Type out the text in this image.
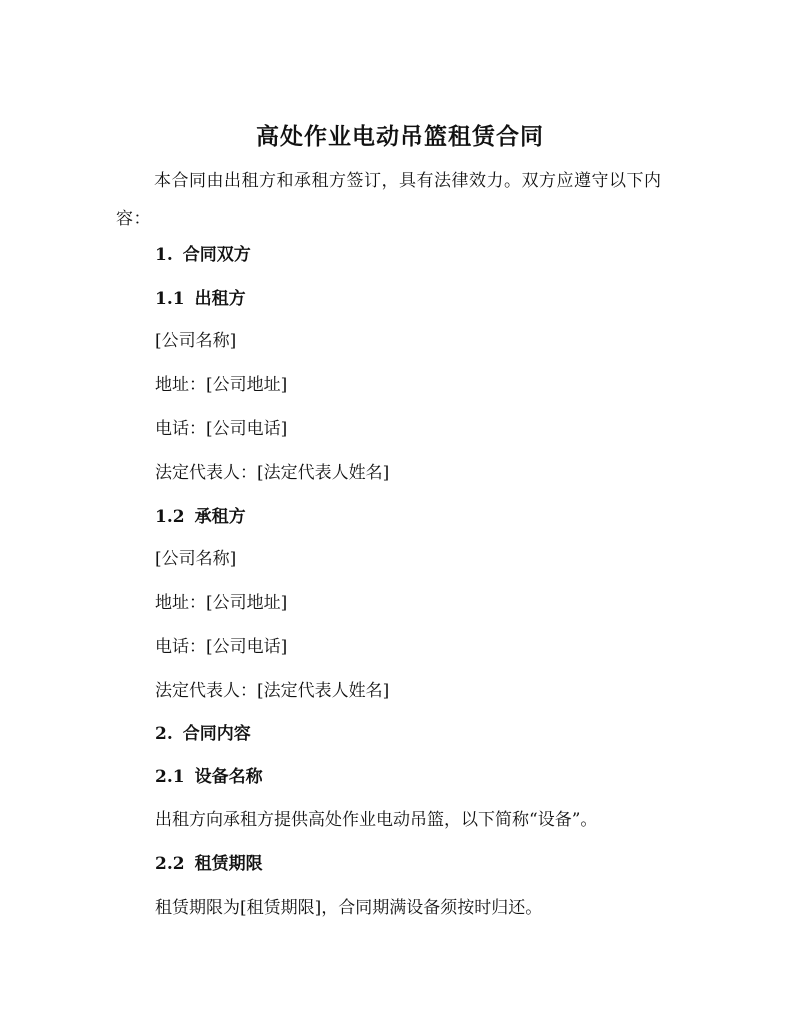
高处作业电动吊篮租赁合同
本合同由出租方和承租方签订，具有法律效力。双方应遵守以下内容：
1. 合同双方
1.1 出租方
[公司名称]
地址：[公司地址]
电话：[公司电话]
法定代表人：[法定代表人姓名]
1.2 承租方
[公司名称]
地址：[公司地址]
电话：[公司电话]
法定代表人：[法定代表人姓名]
2. 合同内容
2.1 设备名称
出租方向承租方提供高处作业电动吊篮，以下简称“设备”。
2.2 租赁期限
租赁期限为[租赁期限]，合同期满设备须按时归还。
